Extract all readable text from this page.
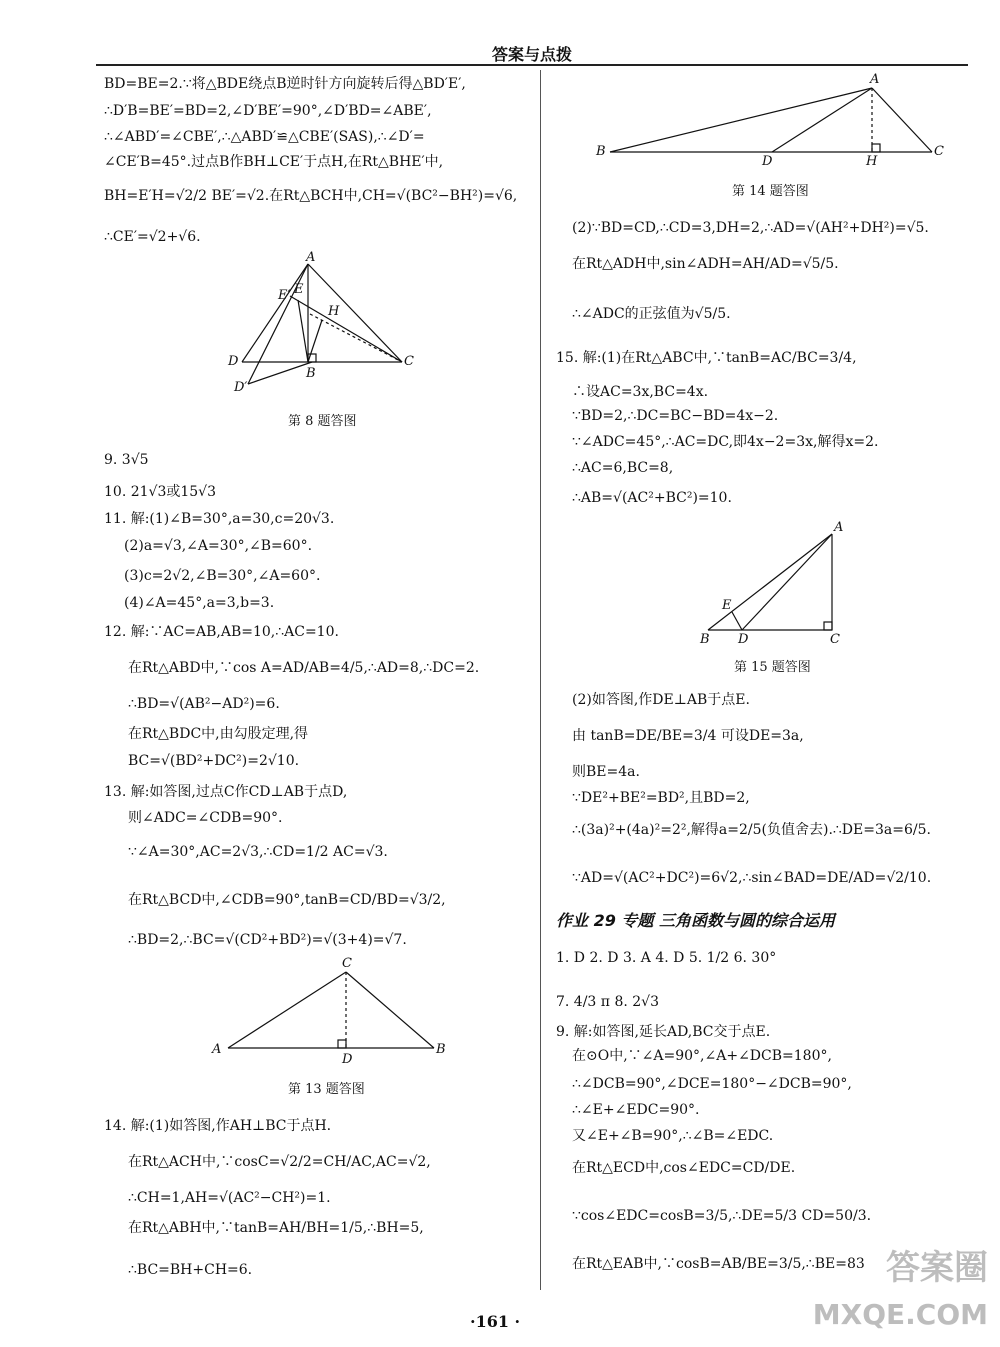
答案与点拨
BD=BE=2.∵将△BDE绕点B逆时针方向旋转后得△BD′E′,
∴D′B=BE′=BD=2,∠D′BE′=90°,∠D′BD=∠ABE′,
∴∠ABD′=∠CBE′,∴△ABD′≌△CBE′(SAS),∴∠D′=
∠CE′B=45°.过点B作BH⊥CE′于点H,在Rt△BHE′中,
BH=E′H=√2/2 BE′=√2.在Rt△BCH中,CH=√(BC²−BH²)=√6,
∴CE′=√2+√6.
A
E′ E
H
D
B
C
D′
第 8 题答图
9. 3√5
10. 21√3或15√3
11. 解:(1)∠B=30°,a=30,c=20√3.
(2)a=√3,∠A=30°,∠B=60°.
(3)c=2√2,∠B=30°,∠A=60°.
(4)∠A=45°,a=3,b=3.
12. 解:∵AC=AB,AB=10,∴AC=10.
在Rt△ABD中,∵cos A=AD/AB=4/5,∴AD=8,∴DC=2.
∴BD=√(AB²−AD²)=6.
在Rt△BDC中,由勾股定理,得
BC=√(BD²+DC²)=2√10.
13. 解:如答图,过点C作CD⊥AB于点D,
则∠ADC=∠CDB=90°.
∵∠A=30°,AC=2√3,∴CD=1/2 AC=√3.
在Rt△BCD中,∠CDB=90°,tanB=CD/BD=√3/2,
∴BD=2,∴BC=√(CD²+BD²)=√(3+4)=√7.
C
A
D
B
第 13 题答图
14. 解:(1)如答图,作AH⊥BC于点H.
在Rt△ACH中,∵cosC=√2/2=CH/AC,AC=√2,
∴CH=1,AH=√(AC²−CH²)=1.
在Rt△ABH中,∵tanB=AH/BH=1/5,∴BH=5,
∴BC=BH+CH=6.
A
B
D	H
C
第 14 题答图
(2)∵BD=CD,∴CD=3,DH=2,∴AD=√(AH²+DH²)=√5.
在Rt△ADH中,sin∠ADH=AH/AD=√5/5.
∴∠ADC的正弦值为√5/5.
15. 解:(1)在Rt△ABC中,∵tanB=AC/BC=3/4,
∴设AC=3x,BC=4x.
∵BD=2,∴DC=BC−BD=4x−2.
∵∠ADC=45°,∴AC=DC,即4x−2=3x,解得x=2.
∴AC=6,BC=8,
∴AB=√(AC²+BC²)=10.
A
E
B D	C
第 15 题答图
(2)如答图,作DE⊥AB于点E.
由 tanB=DE/BE=3/4 可设DE=3a,
则BE=4a.
∵DE²+BE²=BD²,且BD=2,
∴(3a)²+(4a)²=2²,解得a=2/5(负值舍去).∴DE=3a=6/5.
∵AD=√(AC²+DC²)=6√2,∴sin∠BAD=DE/AD=√2/10.
作业 29 专题 三角函数与圆的综合运用
1. D 2. D 3. A 4. D 5. 1/2 6. 30°
7. 4/3 π 8. 2√3
9. 解:如答图,延长AD,BC交于点E.
在⊙O中,∵∠A=90°,∠A+∠DCB=180°,
∴∠DCB=90°,∠DCE=180°−∠DCB=90°,
∴∠E+∠EDC=90°.
又∠E+∠B=90°,∴∠B=∠EDC.
在Rt△ECD中,cos∠EDC=CD/DE.
∵cos∠EDC=cosB=3/5,∴DE=5/3 CD=50/3.
在Rt△EAB中,∵cosB=AB/BE=3/5,∴BE=83
·161 ·
答案圈
MXQE.COM
